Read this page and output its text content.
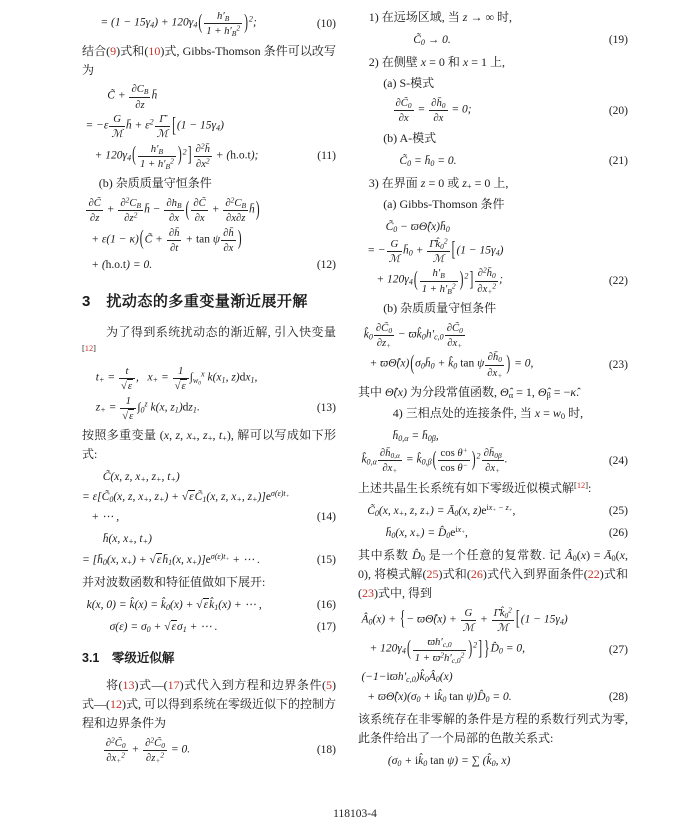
= $(1 - 15\gamma_4) + 120\gamma_4( \frac{h'_B}{1 + h'_B^2} )^2$;	(10)
结合(9)式和(10)式, Gibbs-Thomson 条件可以改写为
C̃ + $\frac{\partial C_B}{\partial z}$ h̄
= −ε
G
ℳ
h̄ + $\varepsilon^2$ Γ̄
ℳ [$(1 - 15\gamma_4)$
+ $120\gamma_4( \frac{h'_B}{1 + h'_B^2} )^2] \frac{\partial^2h̄}{\partial x^2} + (h.o.t)$;	(11)
(b) 杂质质量守恒条件
$\frac{\partial C̃}{\partial z} + \frac{\partial^2C_B}{\partial z^2}$ h̄ − $\frac{\partial h_B}{\partial x}$ ( $\frac{\partial C̃}{\partial x} + \frac{\partial^2C_B}{\partial x\partial z}$ h̄)
+ ε(1 − κ)(C̃ + $\frac{\partial h̄}{\partial t} + \tan \psi \frac{\partial h̄}{\partial x}$ )
+ (h.o.t) = 0.	(12)
3 扰动态的多重变量渐近展开解
为了得到系统扰动态的渐近解, 引入快变量[12]
$t_+ = \frac{t}{√\varepsilon}$ ,  $x_+ = \frac{1}{√\varepsilon} \int_{w_0}^x$ $k(x_1$, $z)dx_1$,
$z_+ = \frac{1}{√\varepsilon} \int_0^z$ k(x, $z_1)dz_1$.	(13)
按照多重变量 (x, z, $x_+$, $z_+$, $t_+$), 解可以写成如下形式:
C̃(x, z, $x_+$, $z_+$, $t_+$)
= $\varepsilon[C̃_0(x$, z, $x_+$, $z_+$) + $√\varepsilon C̃_1(x$, z, $x_+$, $z_+)]e^{\sigma(\varepsilon)t_+}$
+ ⋯ ,	(14)
h̄(x, $x_+$, $t_+$)
= [$h̄_0(x$, $x_+$) + $√\varepsilon h̄_1(x$, $x_+)]e^{\sigma(\varepsilon)t_+}$ + ⋯ .	(15)
并对波数函数和特征值做如下展开:
k(x, 0) = k̂(x) = $k̂_0(x)$ + $√\varepsilon k̂_1(x)$ + ⋯ ,	(16)
$\sigma(\varepsilon) = \sigma_0 + √\varepsilon\sigma_1$ + ⋯ .	(17)
3.1 零级近似解
将(13)式—(17)式代入到方程和边界条件(5)式—(12)式, 可以得到系统在零级近似下的控制方程和边界条件为
$\frac{\partial^2C̃_0}{\partial x_+^2} + \frac{\partial^2C̃_0}{\partial z_+^2} = 0$.	(18)
1) 在远场区域, 当 z → ∞ 时,
$C̃_0 \to 0$.	(19)
2) 在侧壁 x = 0 和 x = 1 上,
(a) S-模式
$\frac{\partial C̃_0}{\partial x} = \frac{\partial h̄_0}{\partial x} = 0$;	(20)
(b) A-模式
$C̃_0$ = $h̄_0 = 0$.	(21)
3) 在界面 z = 0 或 $z_+ = 0$ 上,
(a) Gibbs-Thomson 条件
$C̃_0$ − $ϖ\Thetâ(x)h̄_0$
= −
G
ℳ
$h̄_0$ +
$\Gammāk̂_0^2$
ℳ [$(1 - 15\gamma_4)$
+ $120\gamma_4( \frac{h'_B}{1 + h'_B^2} )^2] \frac{\partial^2h̄_0}{\partial x_+^2}$ ;	(22)
(b) 杂质质量守恒条件
$k̂_0 \frac{\partial C̃_0}{\partial z_+}$ − $ϖk̂_0h'_{c,0} \frac{\partial C̃_0}{\partial x_+}$
+ $ϖ\Thetâ(x)(\sigma_0h̄_0$ + $k̂_0$ tan ψ $\frac{\partial h̄_0}{\partial x_+}$ ) = 0,	(23)
其中 Θ̂(x) 为分段常值函数, $\Thetâ_\alpha = 1$, $\Thetâ_\beta$ = −κ̂.
4) 三相点处的连接条件, 当 $x = w_0$ 时,
$h̄_{0,\alpha}$ = $h̄_{0\beta}$,
$k̂_{0,\alpha} \frac{\partial h̄_{0,\alpha}}{\partial x_+}$ = $k̂_{0,\beta}( \frac{\cos \theta^+}{\cos \theta^-} )^2 \frac{\partial h̄_{0\beta}}{\partial x_+}$ .	(24)
上述共晶生长系统有如下零级近似模式解[12]:
$C̃_0(x$, $x_+$, z, $z_+$) = $Ā_0(x$, $z)e^{ix_+ - z_+}$,	(25)
$h̄_0(x$, $x_+$) = $D̂_0e^{ix_+}$,	(26)
其中系数 $D̂_0$ 是一个任意的复常数. 记 $Â_0(x)$ = $Ā_0(x$, 0), 将模式解(25)式和(26)式代入到界面条件(22)式和(23)式中, 得到
$Â_0(x)$ + {− ϖΘ̂(x) +
G
ℳ
+
$\Gammāk̂_0^2$
ℳ [$(1 - 15\gamma_4)$
+ $120\gamma_4( \frac{ϖh'_{c,0}}{1 + ϖ^2h'_{c,0}^2} )^2$] }$D̂_0 = 0$,	(27)
$(-1-iϖh'_{c,0})k̂_0Â_0(x)$
+ $ϖ\Thetâ(x)(\sigma_0$ + $ik̂_0$ $\tan \psi)D̂_0 = 0$.	(28)
该系统存在非零解的条件是方程的系数行列式为零, 此条件给出了一个局部的色散关系式:
($\sigma_0$ + $ik̂_0$ tan ψ) = ∑ ($k̂_0$, x)
118103-4
